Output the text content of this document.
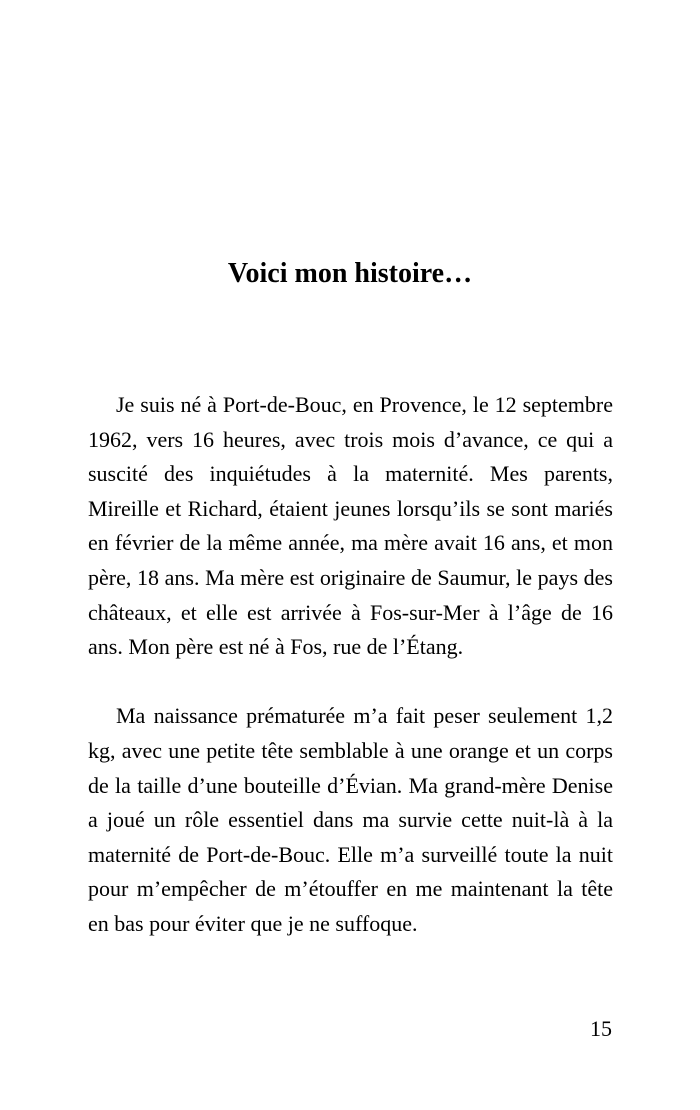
Voici mon histoire…

Je suis né à Port-de-Bouc, en Provence, le 12 septembre 1962, vers 16 heures, avec trois mois d’avance, ce qui a suscité des inquiétudes à la maternité. Mes parents, Mireille et Richard, étaient jeunes lorsqu’ils se sont mariés en février de la même année, ma mère avait 16 ans, et mon père, 18 ans. Ma mère est originaire de Saumur, le pays des châteaux, et elle est arrivée à Fos-sur-Mer à l’âge de 16 ans. Mon père est né à Fos, rue de l’Étang.

Ma naissance prématurée m’a fait peser seulement 1,2 kg, avec une petite tête semblable à une orange et un corps de la taille d’une bouteille d’Évian. Ma grand-mère Denise a joué un rôle essentiel dans ma survie cette nuit-là à la maternité de Port-de-Bouc. Elle m’a surveillé toute la nuit pour m’empêcher de m’étouffer en me maintenant la tête en bas pour éviter que je ne suffoque.

15
